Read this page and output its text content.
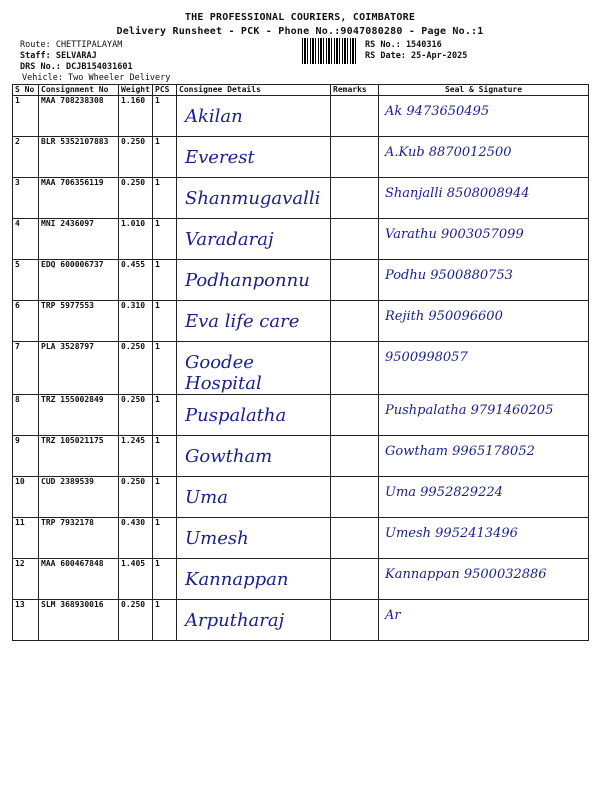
THE PROFESSIONAL COURIERS, COIMBATORE
Delivery Runsheet - PCK - Phone No.:9047080280 - Page No.:1
Route: CHETTIPALAYAM
Staff: SELVARAJ
DRS No.: DCJB154031601
Vehicle: Two Wheeler Delivery
RS No.: 1540316
RS Date: 25-Apr-2025
S No	Consignment No	Weight	PCS	Consignee Details	Remarks	Seal & Signature
1	MAA 708238308	1.160	1	Akilan		Ak 9473650495

2	BLR 5352107883	0.250	1	Everest		A.Kub 8870012500

3	MAA 706356119	0.250	1	Shanmugavalli		Shanjalli 8508008944

4	MNI 2436097	1.010	1	Varadaraj		Varathu 9003057099

5	EDQ 600006737	0.455	1	Podhanponnu		Podhu 9500880753

6	TRP 5977553	0.310	1	Eva life care		Rejith 950096600

7	PLA 3528797	0.250	1	Goodee Hospital		9500998057

8	TRZ 155002849	0.250	1	Puspalatha		Pushpalatha 9791460205

9	TRZ 105021175	1.245	1	Gowtham		Gowtham 9965178052

10	CUD 2389539	0.250	1	Uma		Uma 9952829224

11	TRP 7932178	0.430	1	Umesh		Umesh 9952413496

12	MAA 600467848	1.405	1	Kannappan		Kannappan 9500032886

13	SLM 368930016	0.250	1	Arputharaj		Ar
